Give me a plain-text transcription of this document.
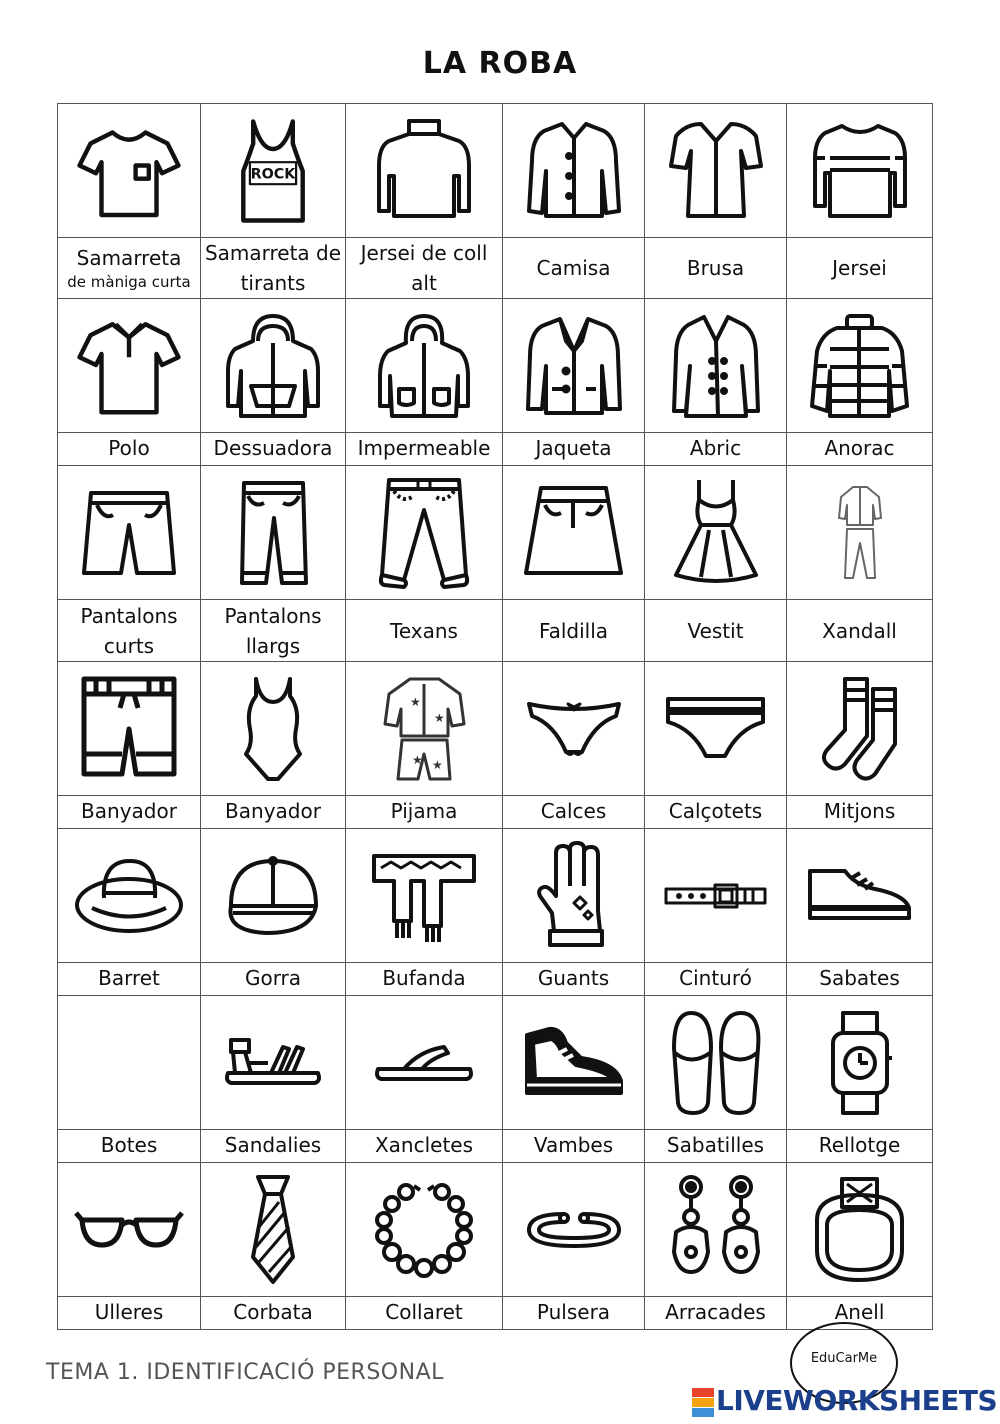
LA ROBA

ROCK

Samarreta
de màniga curta	Samarreta de tirants	Jersei de coll alt	Camisa	Brusa	Jersei

Polo	Dessuadora	Impermeable	Jaqueta	Abric	Anorac

Pantalons curts	Pantalons llargs	Texans	Faldilla	Vestit	Xandall

★
★
★ ★

Banyador	Banyador	Pijama	Calces	Calçotets	Mitjons

Barret	Gorra	Bufanda	Guants	Cinturó	Sabates

Botes	Sandalies	Xancletes	Vambes	Sabatilles	Rellotge

Ulleres	Corbata	Collaret	Pulsera	Arracades	Anell
TEMA 1. IDENTIFICACIÓ PERSONAL
EduCarMe
LIVEWORKSHEETS
